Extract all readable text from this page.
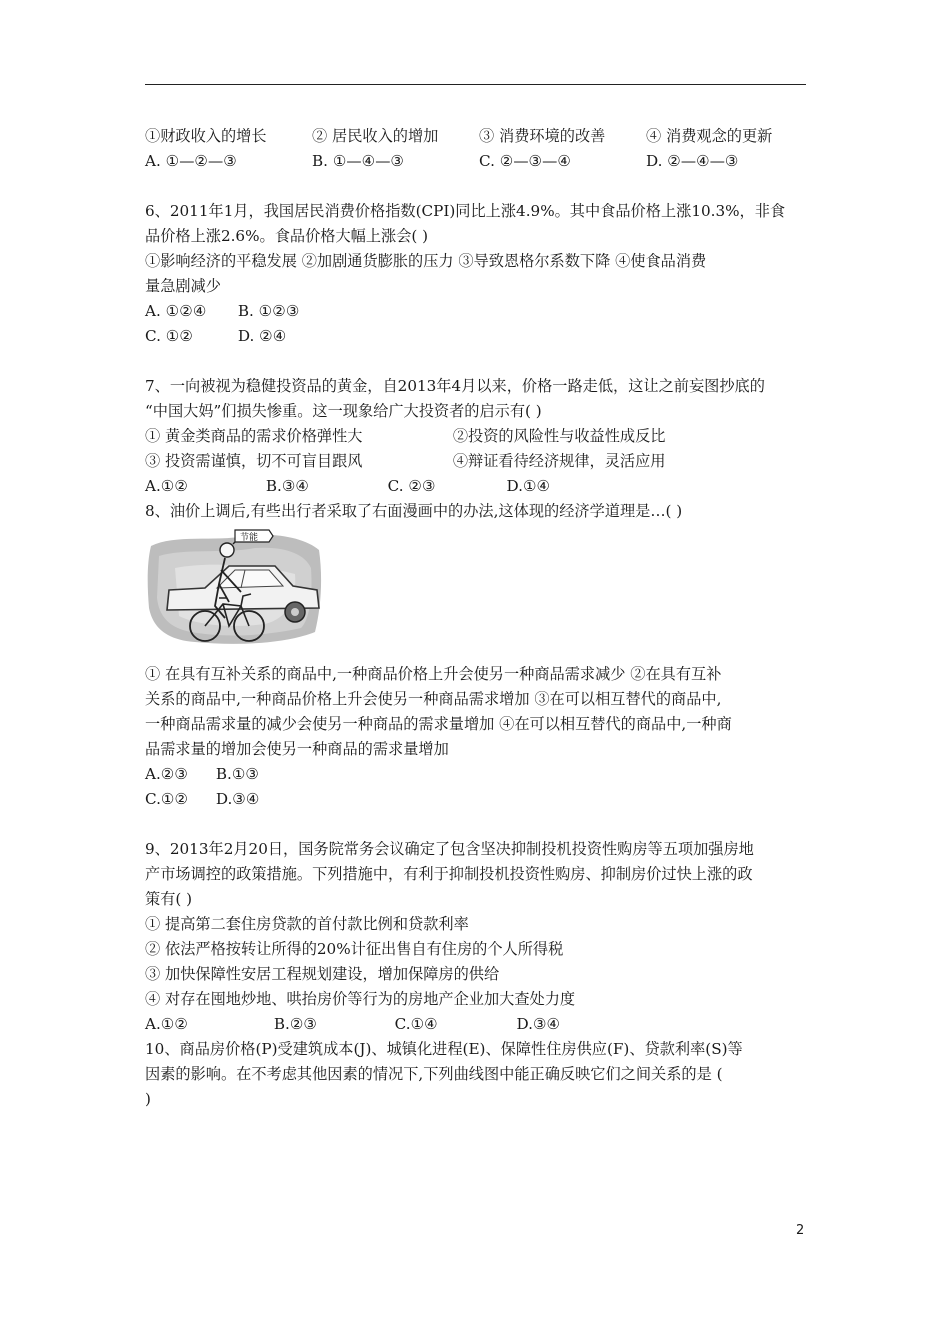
①财政收入的增长	② 居民收入的增加	③ 消费环境的改善	④ 消费观念的更新
A. ①—②—③	B. ①—④—③	C. ②—③—④	D. ②—④—③
6、2011年1月，我国居民消费价格指数(CPI)同比上涨4.9%。其中食品价格上涨10.3%，非食
品价格上涨2.6%。食品价格大幅上涨会( )
①影响经济的平稳发展 ②加剧通货膨胀的压力 ③导致恩格尔系数下降 ④使食品消费
量急剧减少
A. ①②④ B. ①②③
C. ①②	D. ②④
7、一向被视为稳健投资品的黄金，自2013年4月以来，价格一路走低，这让之前妄图抄底的
“中国大妈”们损失惨重。这一现象给广大投资者的启示有( )
① 黄金类商品的需求价格弹性大	②投资的风险性与收益性成反比
③ 投资需谨慎，切不可盲目跟风	④辩证看待经济规律，灵活应用
A.①②	B.③④	C. ②③	D.①④
8、油价上调后,有些出行者采取了右面漫画中的办法,这体现的经济学道理是…( )
节能
① 在具有互补关系的商品中,一种商品价格上升会使另一种商品需求减少 ②在具有互补
关系的商品中,一种商品价格上升会使另一种商品需求增加 ③在可以相互替代的商品中,
一种商品需求量的减少会使另一种商品的需求量增加 ④在可以相互替代的商品中,一种商
品需求量的增加会使另一种商品的需求量增加
A.②③ B.①③
C.①② D.③④
9、2013年2月20日，国务院常务会议确定了包含坚决抑制投机投资性购房等五项加强房地
产市场调控的政策措施。下列措施中，有利于抑制投机投资性购房、抑制房价过快上涨的政
策有( )
① 提高第二套住房贷款的首付款比例和贷款利率
② 依法严格按转让所得的20%计征出售自有住房的个人所得税
③ 加快保障性安居工程规划建设，增加保障房的供给
④ 对存在囤地炒地、哄抬房价等行为的房地产企业加大查处力度
A.①②	B.②③	C.①④	D.③④
10、商品房价格(P)受建筑成本(J)、城镇化进程(E)、保障性住房供应(F)、贷款利率(S)等
因素的影响。在不考虑其他因素的情况下,下列曲线图中能正确反映它们之间关系的是 (
)
2
